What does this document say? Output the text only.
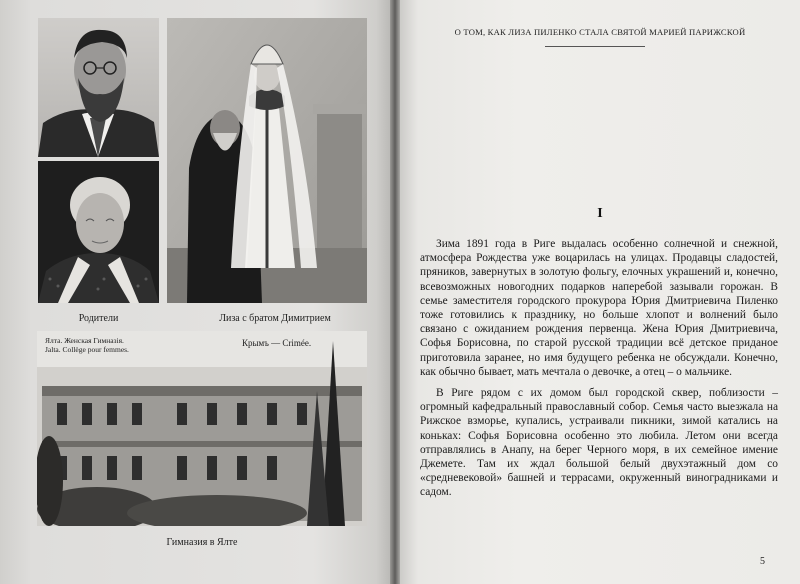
Родители	Лиза с братом Димитрием
Ялта. Женская Гимназія.
Jalta. Collège pour femmes.
Крымъ — Crimée.
Гимназия в Ялте
О ТОМ, КАК ЛИЗА ПИЛЕНКО СТАЛА СВЯТОЙ МАРИЕЙ ПАРИЖСКОЙ
I

Зима 1891 года в Риге выдалась особенно солнечной и снежной, атмосфера Рождества уже воцарилась на улицах. Продавцы сладостей, пряников, завернутых в золотую фольгу, елочных украшений и, конечно, всевозможных новогодних подарков наперебой зазывали горожан. В семье заместителя городского прокурора Юрия Дмитриевича Пиленко тоже готовились к празднику, но больше хлопот и волнений было связано с ожиданием рождения первенца. Жена Юрия Дмитриевича, Софья Борисовна, по старой русской традиции всё детское приданое приготовила заранее, но имя будущего ребенка не обсуждали. Конечно, как обычно бывает, мать мечтала о девочке, а отец – о мальчике.

В Риге рядом с их домом был городской сквер, поблизости – огромный кафедральный православный собор. Семья часто выезжала на Рижское взморье, купались, устраивали пикники, зимой катались на коньках: Софья Борисовна особенно это любила. Летом они всегда отправлялись в Анапу, на берег Черного моря, в их семейное имение Джемете. Там их ждал большой белый двухэтажный дом со «средневековой» башней и террасами, окруженный виноградниками и садом.

5
